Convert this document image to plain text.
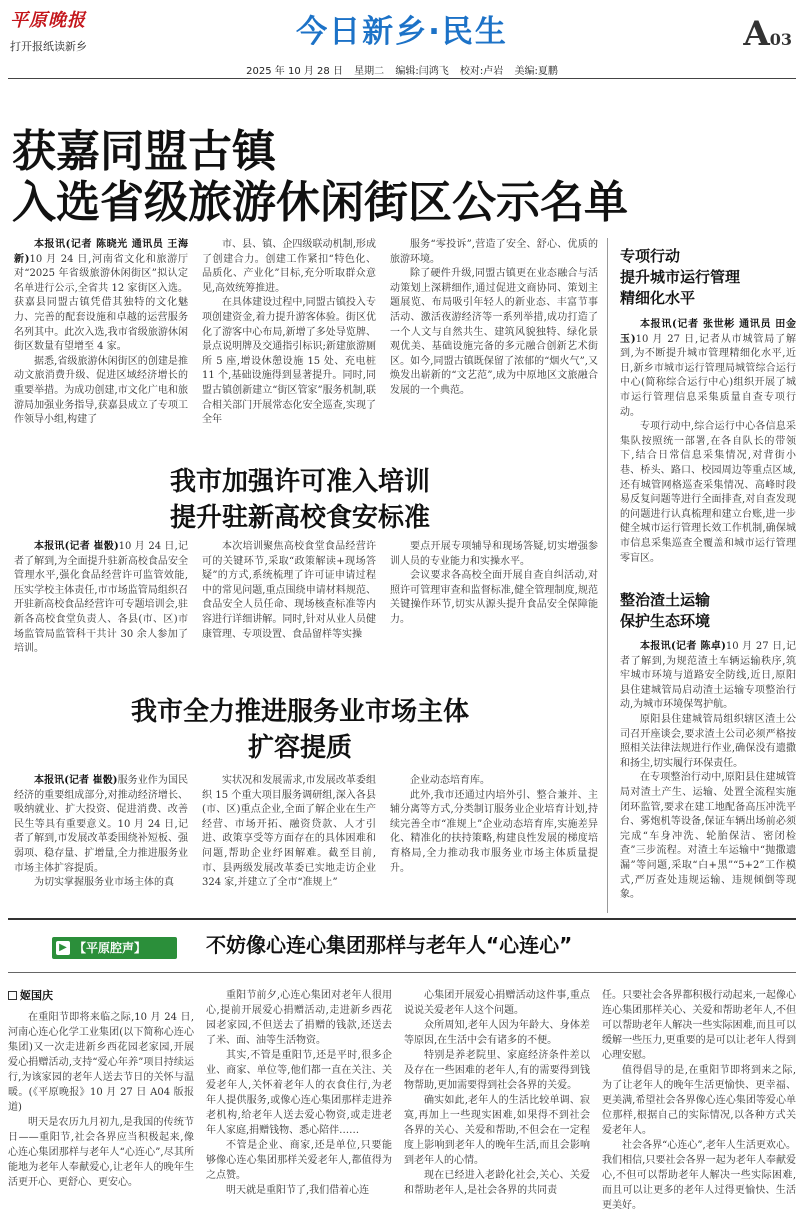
平原晚报
打开报纸读新乡	今日新乡·民生	A03
2025 年 10 月 28 日 星期二 编辑:闫鸿飞 校对:卢岩 美编:夏鹏
获嘉同盟古镇
入选省级旅游休闲街区公示名单

本报讯(记者 陈晓光 通讯员 王海新)10 月 24 日,河南省文化和旅游厅对“2025 年省级旅游休闲街区”拟认定名单进行公示,全省共 12 家街区入选。获嘉县同盟古镇凭借其独特的文化魅力、完善的配套设施和卓越的运营服务名列其中。此次入选,我市省级旅游休闲街区数量有望增至 4 家。

据悉,省级旅游休闲街区的创建是推动文旅消费升级、促进区域经济增长的重要举措。为成功创建,市文化广电和旅游局加强业务指导,获嘉县成立了专项工作领导小组,构建了

市、县、镇、企四级联动机制,形成了创建合力。创建工作紧扣“特色化、品质化、产业化”目标,充分听取群众意见,高效统筹推进。

在具体建设过程中,同盟古镇投入专项创建资金,着力提升游客体验。街区优化了游客中心布局,新增了多处导览牌、景点说明牌及交通指引标识;新建旅游厕所 5 座,增设休憩设施 15 处、充电桩 11 个,基础设施得到显著提升。同时,同盟古镇创新建立“街区管家”服务机制,联合相关部门开展常态化安全巡查,实现了全年

服务“零投诉”,营造了安全、舒心、优质的旅游环境。

除了硬件升级,同盟古镇更在业态融合与活动策划上深耕细作,通过促进文商协同、策划主题展览、布局吸引年轻人的新业态、丰富节事活动、激活夜游经济等一系列举措,成功打造了一个人文与自然共生、建筑风貌独特、绿化景观优美、基础设施完备的多元融合创新艺术街区。如今,同盟古镇既保留了浓郁的“烟火气”,又焕发出崭新的“文艺范”,成为中原地区文旅融合发展的一个典范。

专项行动
提升城市运行管理
精细化水平

本报讯(记者 张世彬 通讯员 田金玉)10 月 27 日,记者从市城管局了解到,为不断提升城市管理精细化水平,近日,新乡市城市运行管理局城管综合运行中心(简称综合运行中心)组织开展了城市运行管理信息采集质量自查专项行动。

专项行动中,综合运行中心各信息采集队按照统一部署,在各自队长的带领下,结合日常信息采集情况,对背街小巷、桥头、路口、校园周边等重点区域,还有城管网格巡查采集情况、高峰时段易反复问题等进行全面排查,对自查发现的问题进行认真梳理和建立台账,进一步健全城市运行管理长效工作机制,确保城市信息采集巡查全覆盖和城市运行管理零盲区。

整治渣土运输
保护生态环境

本报讯(记者 陈卓)10 月 27 日,记者了解到,为规范渣土车辆运输秩序,筑牢城市环境与道路安全防线,近日,原阳县住建城管局启动渣土运输专项整治行动,为城市环境保驾护航。

原阳县住建城管局组织辖区渣土公司召开座谈会,要求渣土公司必须严格按照相关法律法规进行作业,确保没有遗撒和扬尘,切实履行环保责任。

在专项整治行动中,原阳县住建城管局对渣土产生、运输、处置全流程实施闭环监管,要求在建工地配备高压冲洗平台、雾炮机等设备,保证车辆出场前必须完成“车身冲洗、轮胎保洁、密闭检查”三步流程。对渣土车运输中“抛撒遗漏”等问题,采取“白+黑”“5+2”工作模式,严厉查处违规运输、违规倾倒等现象。

我市加强许可准入培训
提升驻新高校食安标准

本报讯(记者 崔骰)10 月 24 日,记者了解到,为全面提升驻新高校食品安全管理水平,强化食品经营许可监管效能,压实学校主体责任,市市场监管局组织召开驻新高校食品经营许可专题培训会,驻新各高校食堂负责人、各县(市、区)市场监管局监管科干共计 30 余人参加了培训。

本次培训聚焦高校食堂食品经营许可的关键环节,采取“政策解读+现场答疑”的方式,系统梳理了许可证申请过程中的常见问题,重点围绕申请材料规范、食品安全人员任命、现场核查标准等内容进行详细讲解。同时,针对从业人员健康管理、专项设置、食品留样等实操

要点开展专项辅导和现场答疑,切实增强参训人员的专业能力和实操水平。

会议要求各高校全面开展自查自纠活动,对照许可管理审查和监督标准,健全管理制度,规范关键操作环节,切实从源头提升食品安全保障能力。

我市全力推进服务业市场主体
扩容提质

本报讯(记者 崔骰)服务业作为国民经济的重要组成部分,对推动经济增长、吸纳就业、扩大投资、促进消费、改善民生等具有重要意义。10 月 24 日,记者了解到,市发展改革委围绕补短板、强弱项、稳存量、扩增量,全力推进服务业市场主体扩容提质。

为切实掌握服务业市场主体的真

实状况和发展需求,市发展改革委组织 15 个重大项目服务调研组,深入各县(市、区)重点企业,全面了解企业在生产经营、市场开拓、融资贷款、人才引进、政策享受等方面存在的具体困难和问题,帮助企业纾困解难。截至目前,市、县两级发展改革委已实地走访企业 324 家,并建立了全市“准规上”

企业动态培育库。

此外,我市还通过内培外引、整合兼并、主辅分离等方式,分类制订服务业企业培育计划,持续完善全市“准规上”企业动态培育库,实施差异化、精准化的扶持策略,构建良性发展的梯度培育格局,全力推动我市服务业市场主体质量提升。

▶ 【平原腔声】	不妨像心连心集团那样与老年人“心连心”
姬国庆

在重阳节即将来临之际,10 月 24 日,河南心连心化学工业集团(以下简称心连心集团)又一次走进新乡西花园老家园,开展爱心捐赠活动,支持“爱心年养”项目持续运行,为该家园的老年人送去节日的关怀与温暖。(《平原晚报》10 月 27 日 A04 版报道)

明天是农历九月初九,是我国的传统节日——重阳节,社会各界应当积极起来,像心连心集团那样与老年人“心连心”,尽其所能地为老年人奉献爱心,让老年人的晚年生活更开心、更舒心、更安心。

重阳节前夕,心连心集团对老年人很用心,提前开展爱心捐赠活动,走进新乡西花园老家园,不但送去了捐赠的钱款,还送去了米、面、油等生活物资。

其实,不管是重阳节,还是平时,很多企业、商家、单位等,他们都一直在关注、关爱老年人,关怀着老年人的衣食住行,为老年人提供服务,或像心连心集团那样走进养老机构,给老年人送去爱心物资,或走进老年人家庭,捐赠钱物、悉心陪伴……

不管是企业、商家,还是单位,只要能够像心连心集团那样关爱老年人,都值得为之点赞。

明天就是重阳节了,我们借着心连

心集团开展爱心捐赠活动这件事,重点说说关爱老年人这个问题。

众所周知,老年人因为年龄大、身体差等原因,在生活中会有诸多的不便。

特别是养老院里、家庭经济条件差以及存在一些困难的老年人,有的需要得到钱物帮助,更加需要得到社会各界的关爱。

确实如此,老年人的生活比较单调、寂寞,再加上一些现实困难,如果得不到社会各界的关心、关爱和帮助,不但会在一定程度上影响到老年人的晚年生活,而且会影响到老年人的心情。

现在已经进入老龄化社会,关心、关爱和帮助老年人,是社会各界的共同责

任。只要社会各界都积极行动起来,一起像心连心集团那样关心、关爱和帮助老年人,不但可以帮助老年人解决一些实际困难,而且可以缓解一些压力,更重要的是可以让老年人得到心理安慰。

值得倡导的是,在重阳节即将到来之际,为了让老年人的晚年生活更愉快、更幸福、更美满,希望社会各界像心连心集团等爱心单位那样,根据自己的实际情况,以各种方式关爱老年人。

社会各界“心连心”,老年人生活更欢心。我们相信,只要社会各界一起为老年人奉献爱心,不但可以帮助老年人解决一些实际困难,而且可以让更多的老年人过得更愉快、生活更美好。
